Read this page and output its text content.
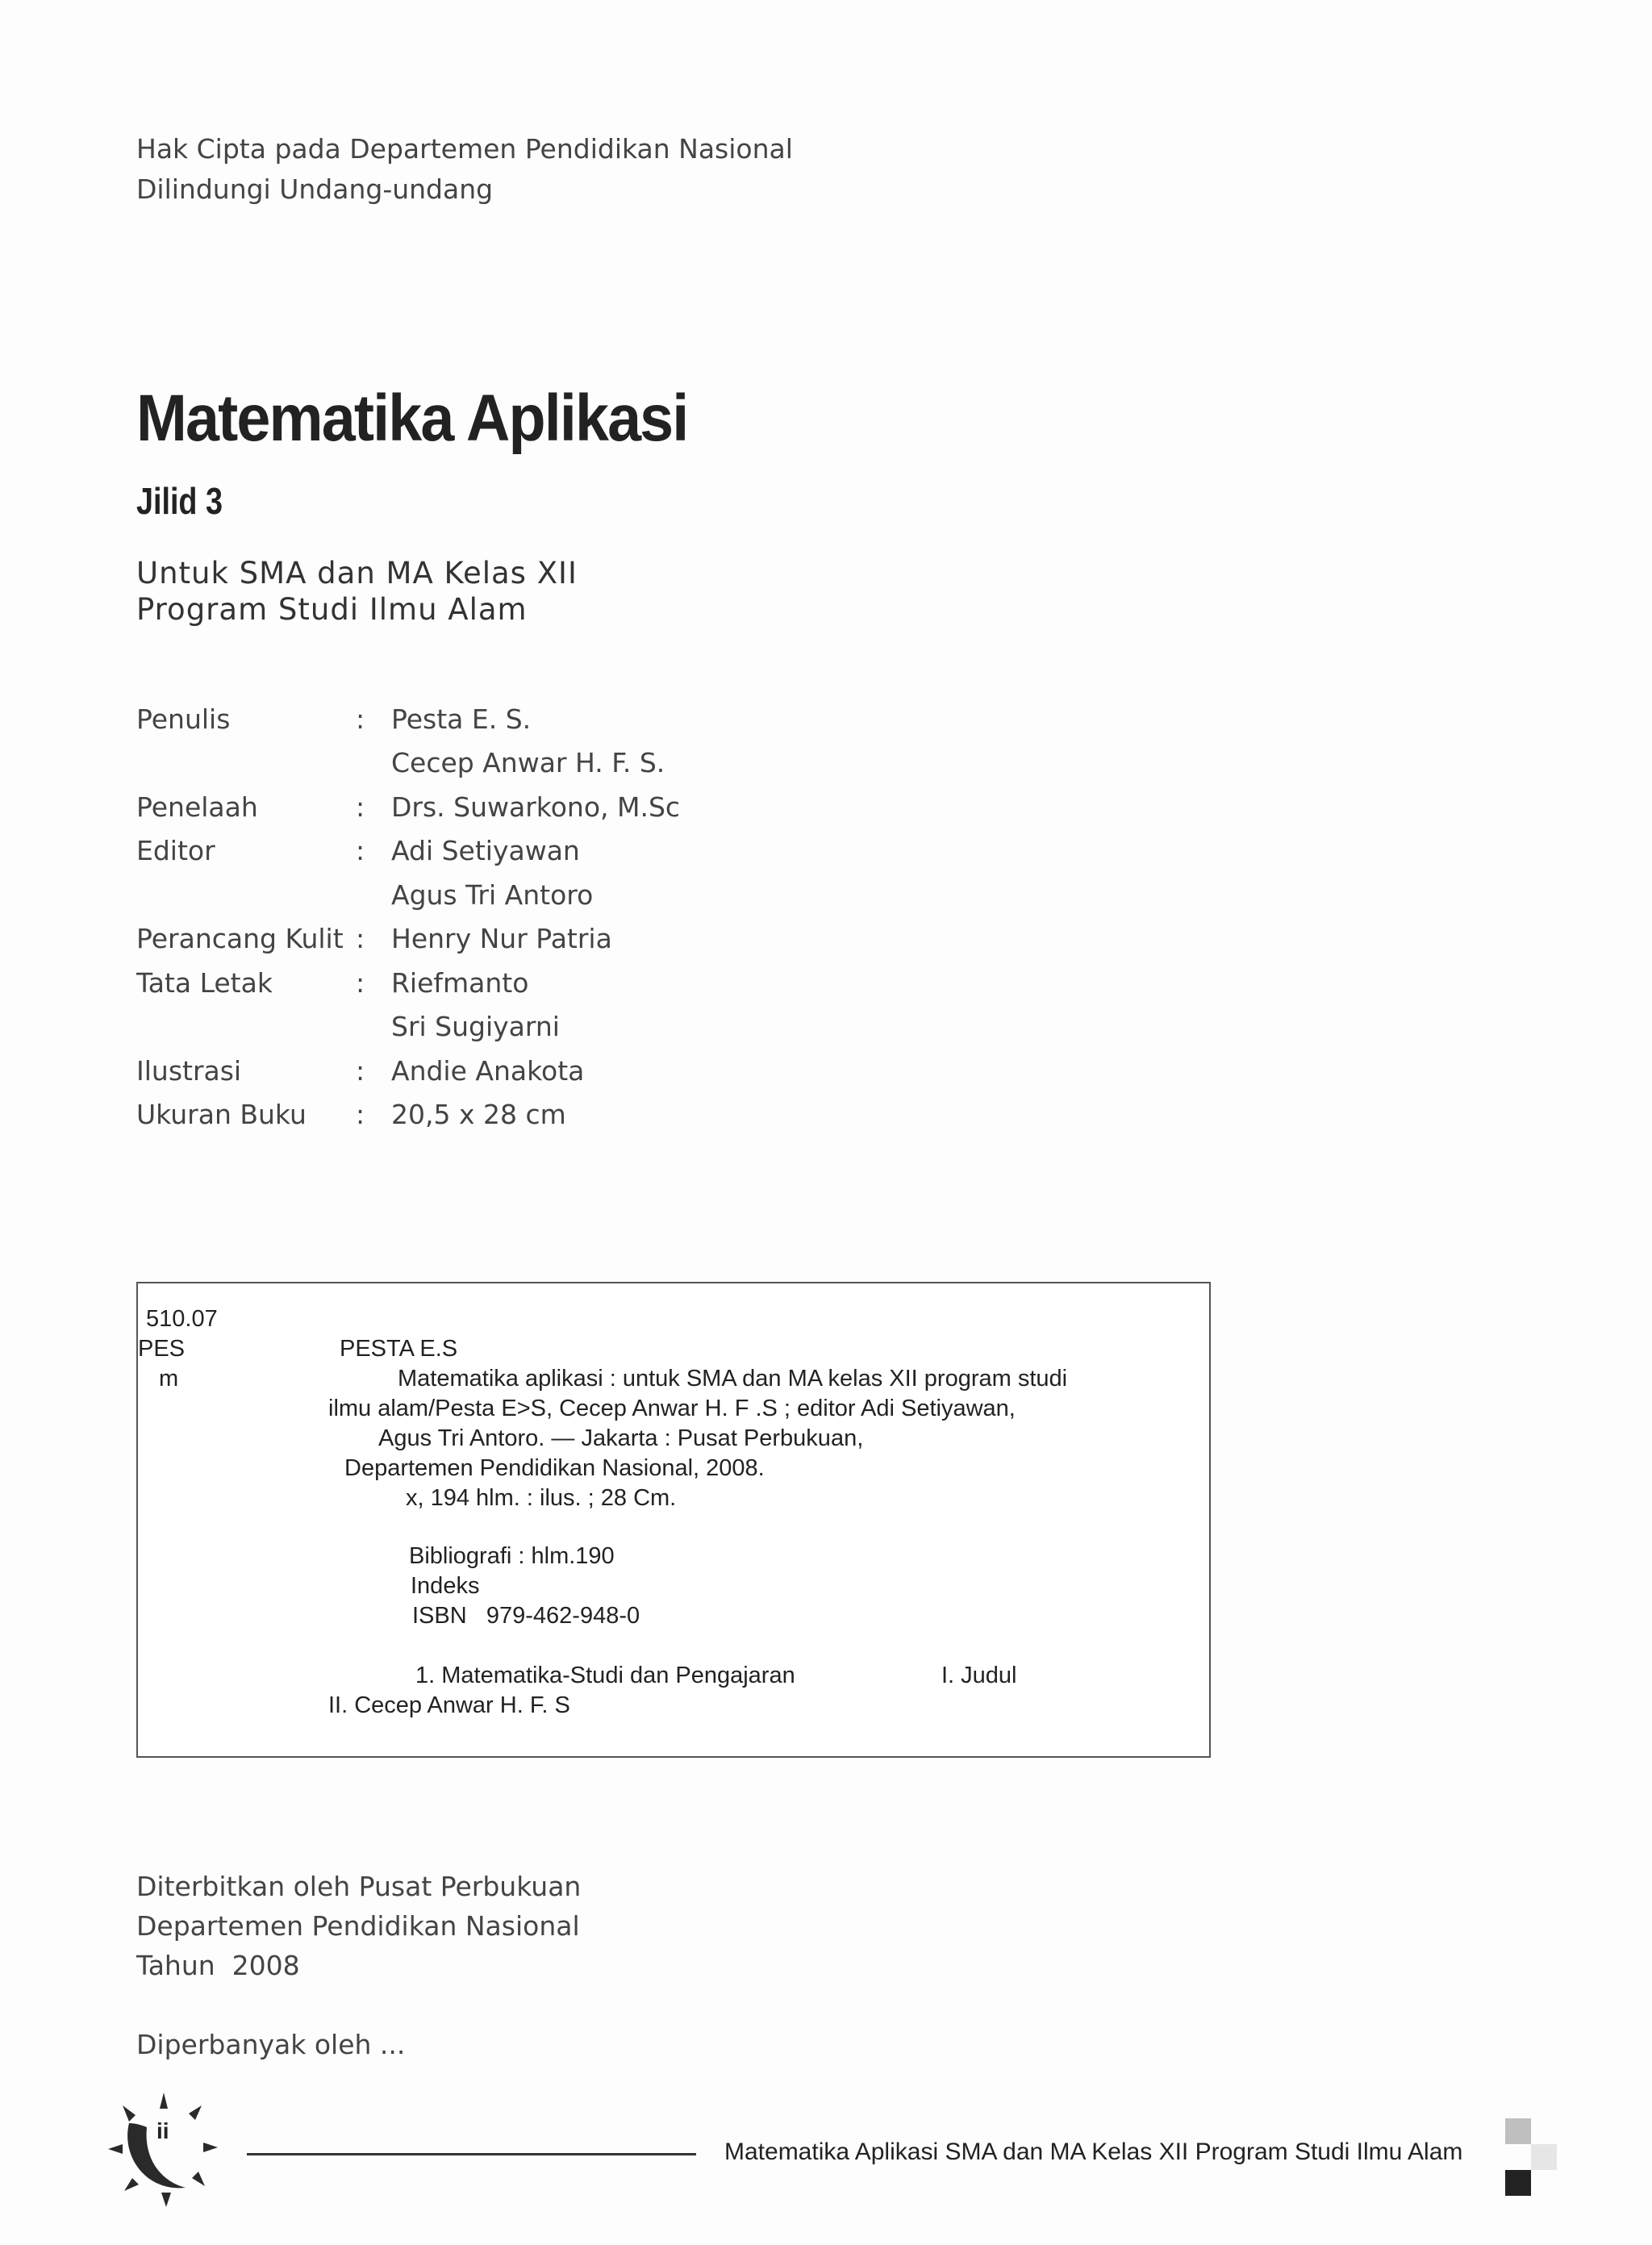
Hak Cipta pada Departemen Pendidikan Nasional
Dilindungi Undang-undang
Matematika Aplikasi
Jilid 3
Untuk SMA dan MA Kelas XII
Program Studi Ilmu Alam
Penulis	: Pesta E. S.
Cecep Anwar H. F. S.
Penelaah	: Drs. Suwarkono, M.Sc
Editor	: Adi Setiyawan
Agus Tri Antoro
Perancang Kulit : Henry Nur Patria
Tata Letak	: Riefmanto
Sri Sugiyarni
Ilustrasi	: Andie Anakota
Ukuran Buku	: 20,5 x 28 cm
510.07
PES
m
PESTA E.S
Matematika aplikasi : untuk SMA dan MA kelas XII program studi
ilmu alam/Pesta E>S, Cecep Anwar H. F .S ; editor Adi Setiyawan,
Agus Tri Antoro. — Jakarta : Pusat Perbukuan,
Departemen Pendidikan Nasional, 2008.
x, 194 hlm. : ilus. ; 28 Cm.
Bibliografi : hlm.190
Indeks
ISBN   979-462-948-0
1. Matematika-Studi dan Pengajaran	I. Judul
II. Cecep Anwar H. F. S
Diterbitkan oleh Pusat Perbukuan
Departemen Pendidikan Nasional
Tahun  2008
Diperbanyak oleh ...
ii
Matematika Aplikasi SMA dan MA Kelas XII Program Studi Ilmu Alam
